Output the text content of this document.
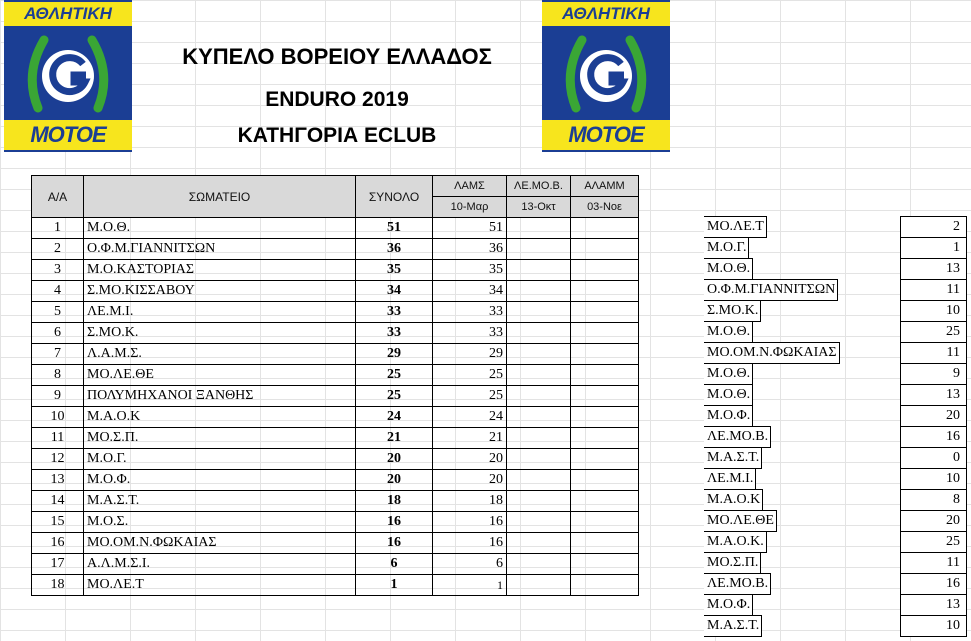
ΑΘΛΗΤΙΚΗ
ΜΟΤΟΕ
ΑΘΛΗΤΙΚΗ
ΜΟΤΟΕ
ΚΥΠΕΛΟ ΒΟΡΕΙΟΥ ΕΛΛΑΔΟΣ
ENDURO 2019
ΚΑΤΗΓΟΡΙΑ ECLUB
Α/Α	ΣΩΜΑΤΕΙΟ	ΣΥΝΟΛΟ	ΛΑΜΣ	ΛΕ.ΜΟ.Β.	ΑΛΑΜΜ
			10-Μαρ	13-Οκτ	03-Νοε
1	Μ.Ο.Θ.	51	51		
2	Ο.Φ.Μ.ΓΙΑΝΝΙΤΣΩΝ	36	36		
3	Μ.Ο.ΚΑΣΤΟΡΙΑΣ	35	35		
4	Σ.ΜΟ.ΚΙΣΣΑΒΟΥ	34	34		
5	ΛΕ.Μ.Ι.	33	33		
6	Σ.ΜΟ.Κ.	33	33		
7	Λ.Α.Μ.Σ.	29	29		
8	ΜΟ.ΛΕ.ΘΕ	25	25		
9	ΠΟΛΥΜΗΧΑΝΟΙ ΞΑΝΘΗΣ	25	25		
10	Μ.Α.Ο.Κ	24	24		
11	ΜΟ.Σ.Π.	21	21		
12	Μ.Ο.Γ.	20	20		
13	Μ.Ο.Φ.	20	20		
14	Μ.Α.Σ.Τ.	18	18		
15	Μ.Ο.Σ.	16	16		
16	ΜΟ.ΟΜ.Ν.ΦΩΚΑΙΑΣ	16	16		
17	Α.Λ.Μ.Σ.Ι.	6	6		
18	ΜΟ.ΛΕ.Τ	1	1		
ΜΟ.ΛΕ.Τ	2
Μ.Ο.Γ.	1
Μ.Ο.Θ.	13
Ο.Φ.Μ.ΓΙΑΝΝΙΤΣΩΝ	11
Σ.ΜΟ.Κ.	10
Μ.Ο.Θ.	25
ΜΟ.ΟΜ.Ν.ΦΩΚΑΙΑΣ	11
Μ.Ο.Θ.	9
Μ.Ο.Θ.	13
Μ.Ο.Φ.	20
ΛΕ.ΜΟ.Β.	16
Μ.Α.Σ.Τ.	0
ΛΕ.Μ.Ι.	10
Μ.Α.Ο.Κ	8
ΜΟ.ΛΕ.ΘΕ	20
Μ.Α.Ο.Κ.	25
ΜΟ.Σ.Π.	11
ΛΕ.ΜΟ.Β.	16
Μ.Ο.Φ.	13
Μ.Α.Σ.Τ.	10
